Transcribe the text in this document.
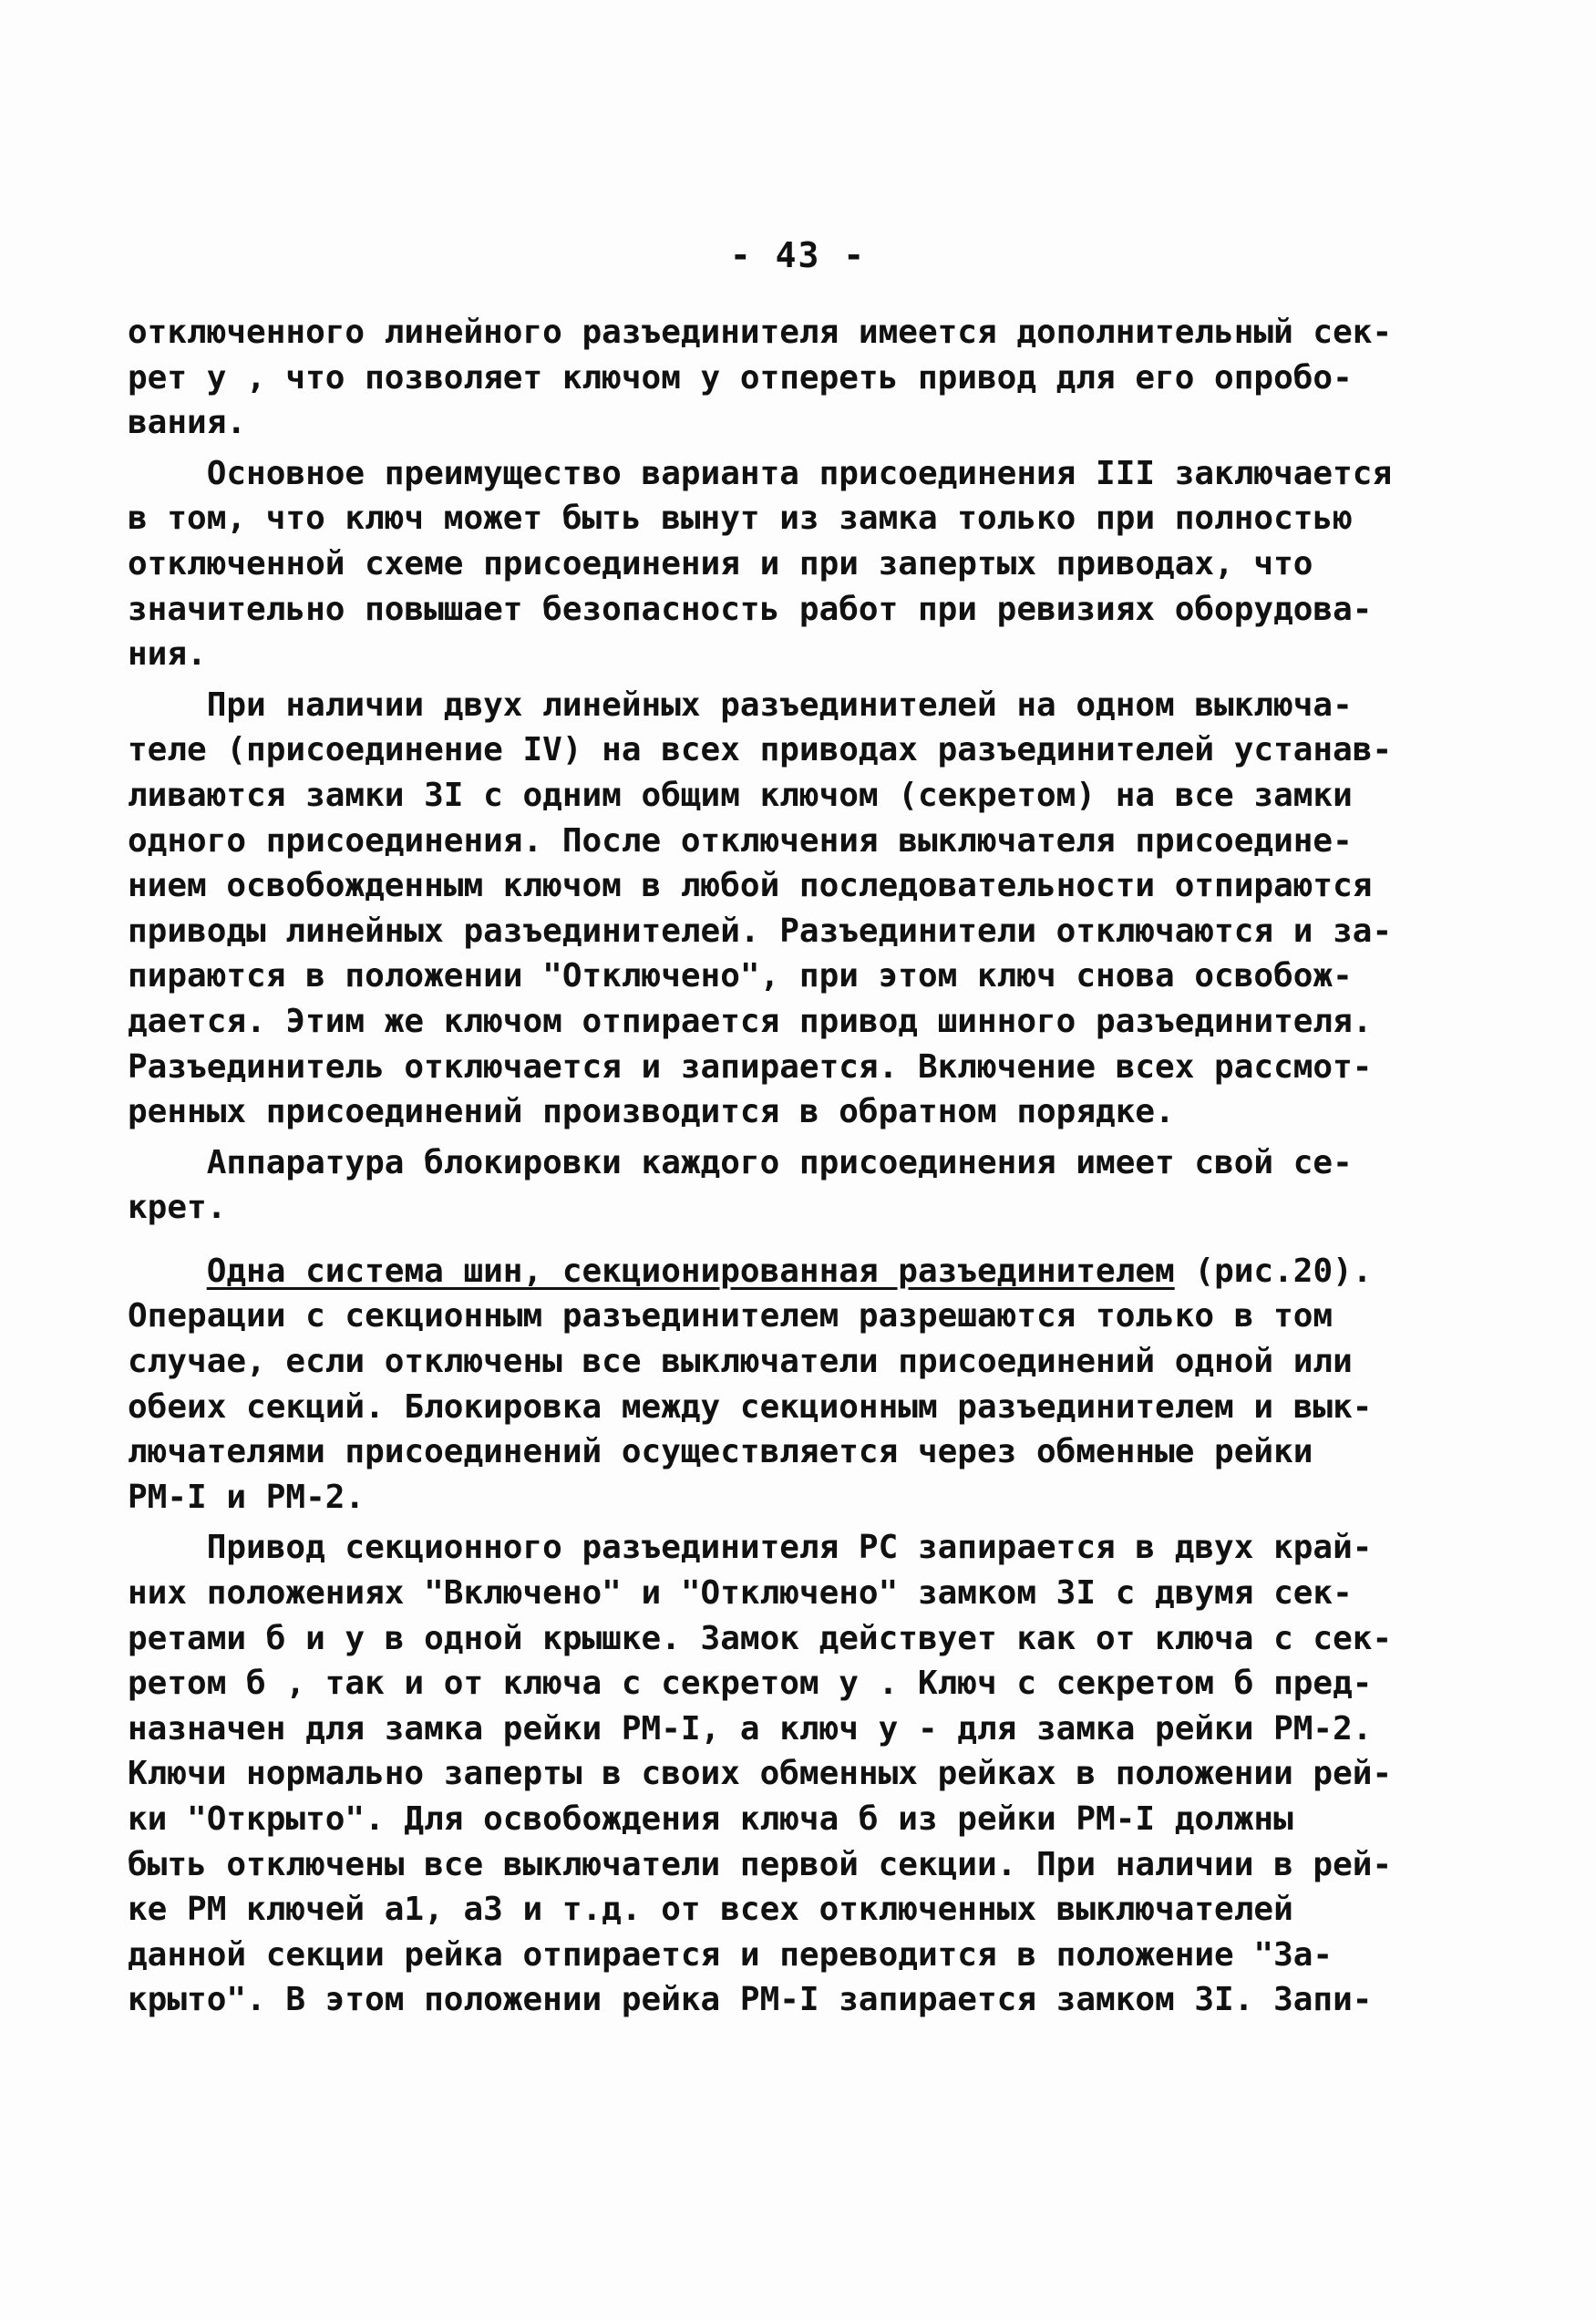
- 43 -
отключенного линейного разъединителя имеется дополнительный сек-
рет у , что позволяет ключом у отпереть привод для его опробо-
вания.
Основное преимущество варианта присоединения III заключается
в том, что ключ может быть вынут из замка только при полностью
отключенной схеме присоединения и при запертых приводах, что
значительно повышает безопасность работ при ревизиях оборудова-
ния.
При наличии двух линейных разъединителей на одном выключа-
теле (присоединение IV) на всех приводах разъединителей устанав-
ливаются замки ЗI с одним общим ключом (секретом) на все замки
одного присоединения. После отключения выключателя присоедине-
нием освобожденным ключом в любой последовательности отпираются
приводы линейных разъединителей. Разъединители отключаются и за-
пираются в положении "Отключено", при этом ключ снова освобож-
дается. Этим же ключом отпирается привод шинного разъединителя.
Разъединитель отключается и запирается. Включение всех рассмот-
ренных присоединений производится в обратном порядке.
Аппаратура блокировки каждого присоединения имеет свой се-
крет.
Одна система шин, секционированная разъединителем (рис.20).
Операции с секционным разъединителем разрешаются только в том
случае, если отключены все выключатели присоединений одной или
обеих секций. Блокировка между секционным разъединителем и вык-
лючателями присоединений осуществляется через обменные рейки
РМ-I и РМ-2.
Привод секционного разъединителя РС запирается в двух край-
них положениях "Включено" и "Отключено" замком ЗI с двумя сек-
ретами б и у в одной крышке. Замок действует как от ключа с сек-
ретом б , так и от ключа с секретом у . Ключ с секретом б пред-
назначен для замка рейки РМ-I, а ключ у - для замка рейки РМ-2.
Ключи нормально заперты в своих обменных рейках в положении рей-
ки "Открыто". Для освобождения ключа б из рейки РМ-I должны
быть отключены все выключатели первой секции. При наличии в рей-
ке РМ ключей а1, а3 и т.д. от всех отключенных выключателей
данной секции рейка отпирается и переводится в положение "За-
крыто". В этом положении рейка РМ-I запирается замком ЗI. Запи-
